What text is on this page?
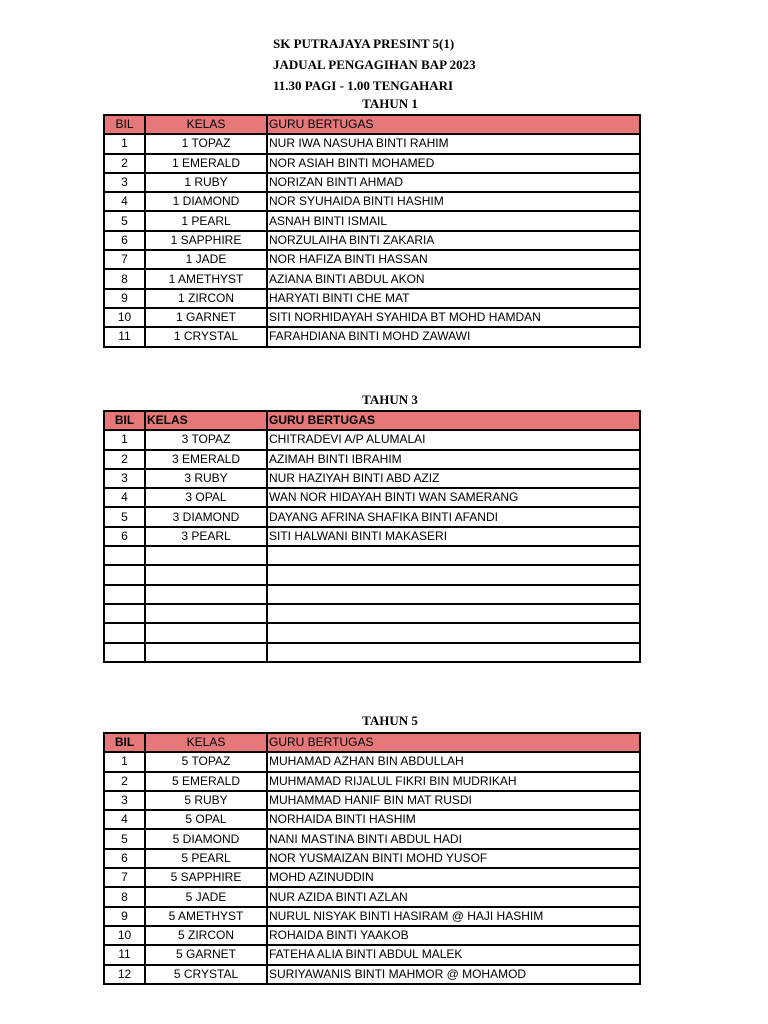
SK PUTRAJAYA PRESINT 5(1)
JADUAL PENGAGIHAN BAP 2023
11.30 PAGI - 1.00 TENGAHARI
TAHUN 1
BIL	KELAS	GURU BERTUGAS
1	1 TOPAZ	NUR IWA NASUHA BINTI RAHIM
2	1 EMERALD	NOR ASIAH BINTI MOHAMED
3	1 RUBY	NORIZAN BINTI AHMAD
4	1 DIAMOND	NOR SYUHAIDA BINTI HASHIM
5	1 PEARL	ASNAH BINTI ISMAIL
6	1 SAPPHIRE	NORZULAIHA BINTI ZAKARIA
7	1 JADE	NOR HAFIZA BINTI HASSAN
8	1 AMETHYST	AZIANA BINTI ABDUL AKON
9	1 ZIRCON	HARYATI BINTI CHE MAT
10	1 GARNET	SITI NORHIDAYAH SYAHIDA BT MOHD HAMDAN
11	1 CRYSTAL	FARAHDIANA BINTI MOHD ZAWAWI
TAHUN 3
BIL	KELAS	GURU BERTUGAS
1	3 TOPAZ	CHITRADEVI A/P ALUMALAI
2	3 EMERALD	AZIMAH BINTI IBRAHIM
3	3 RUBY	NUR HAZIYAH BINTI ABD AZIZ
4	3 OPAL	WAN NOR HIDAYAH BINTI WAN SAMERANG
5	3 DIAMOND	DAYANG AFRINA SHAFIKA BINTI AFANDI
6	3 PEARL	SITI HALWANI BINTI MAKASERI

TAHUN 5
BIL	KELAS	GURU BERTUGAS
1	5 TOPAZ	MUHAMAD AZHAN BIN ABDULLAH
2	5 EMERALD	MUHMAMAD RIJALUL FIKRI BIN MUDRIKAH
3	5 RUBY	MUHAMMAD HANIF BIN MAT RUSDI
4	5 OPAL	NORHAIDA BINTI HASHIM
5	5 DIAMOND	NANI MASTINA BINTI ABDUL HADI
6	5 PEARL	NOR YUSMAIZAN BINTI MOHD YUSOF
7	5 SAPPHIRE	MOHD AZINUDDIN
8	5 JADE	NUR AZIDA BINTI AZLAN
9	5 AMETHYST	NURUL NISYAK BINTI HASIRAM @ HAJI HASHIM
10	5 ZIRCON	ROHAIDA BINTI YAAKOB
11	5 GARNET	FATEHA ALIA BINTI ABDUL MALEK
12	5 CRYSTAL	SURIYAWANIS BINTI MAHMOR @ MOHAMOD
